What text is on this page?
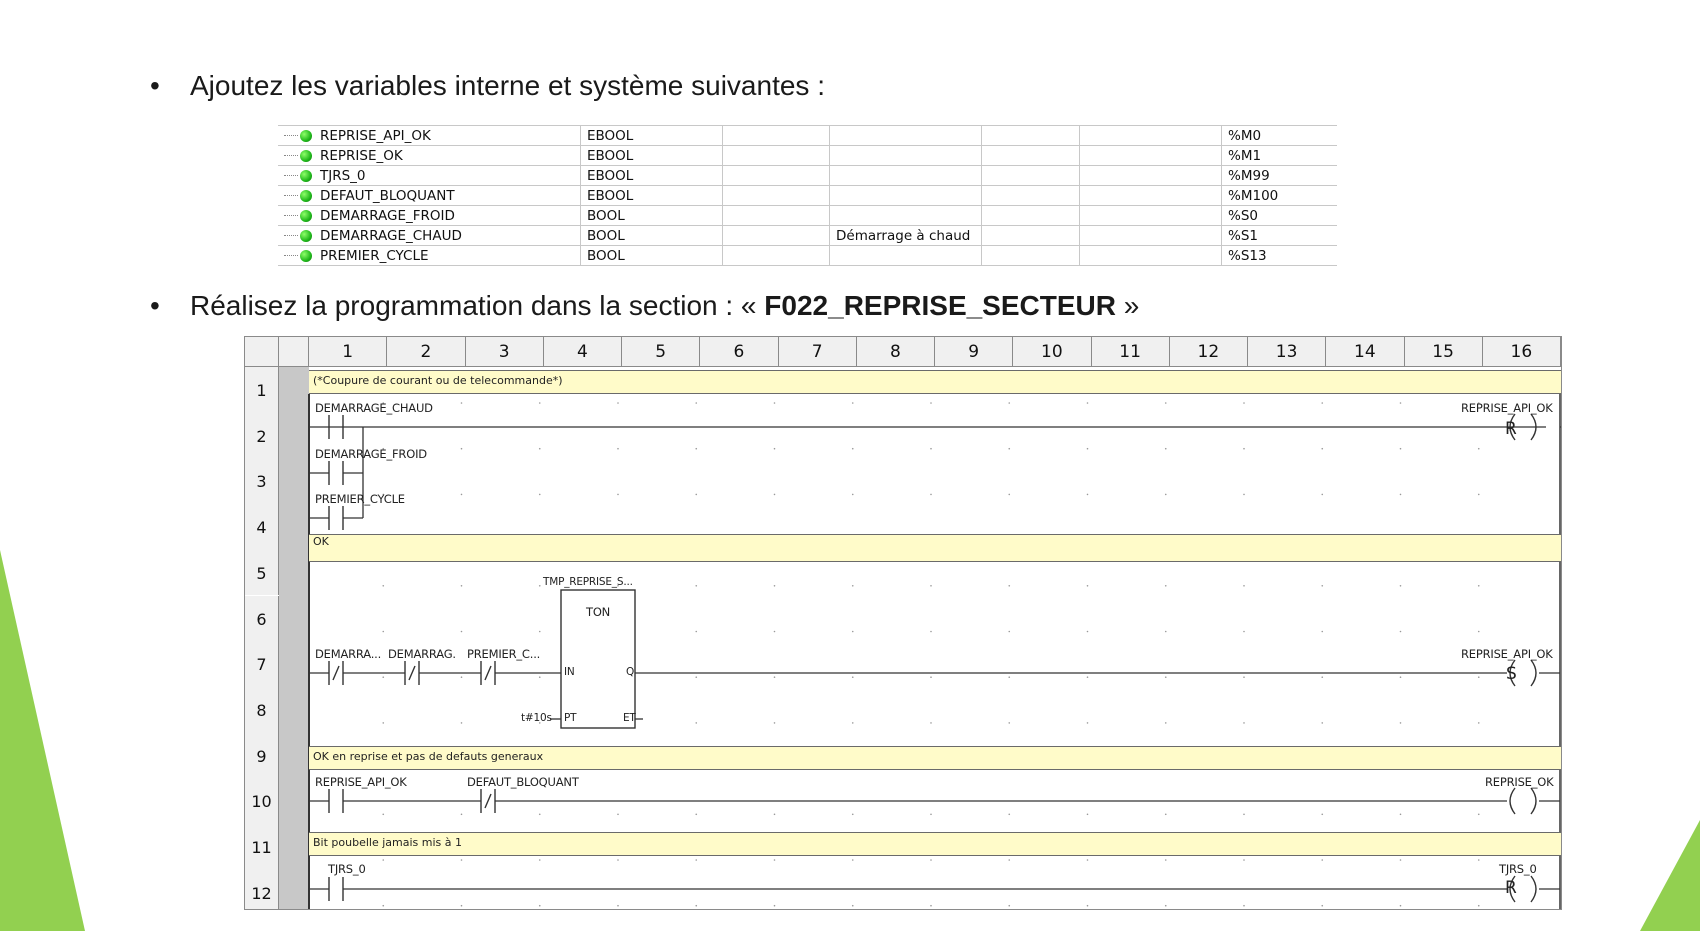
• Ajoutez les variables interne et système suivantes :
REPRISE_API_OK	EBOOL					%M0
REPRISE_OK	EBOOL					%M1
TJRS_0	EBOOL					%M99
DEFAUT_BLOQUANT	EBOOL					%M100
DEMARRAGE_FROID	BOOL					%S0
DEMARRAGE_CHAUD	BOOL		Démarrage à chaud			%S1
PREMIER_CYCLE	BOOL					%S13
• Réalisez la programmation dans la section : « F022_REPRISE_SECTEUR »
1	2	3	4	5	6	7	8	9	10	11	12	13	14	15	16
1
2
3
4
5
6
7
8
9
10
11
12
(*Coupure de courant ou de telecommande*)
OK
OK en reprise et pas de defauts generaux
Bit poubelle jamais mis à 1
DEMARRAGE_CHAUD
DEMARRAGE_FROID
PREMIER_CYCLE
REPRISE_API_OK
R
TMP_REPRISE_S...
TON
IN	Q
PT	ET
t#10s
DEMARRA... DEMARRAG. PREMIER_C...	REPRISE_API_OK
S
REPRISE_API_OK	DEFAUT_BLOQUANT	REPRISE_OK
TJRS_0	TJRS_0
R
